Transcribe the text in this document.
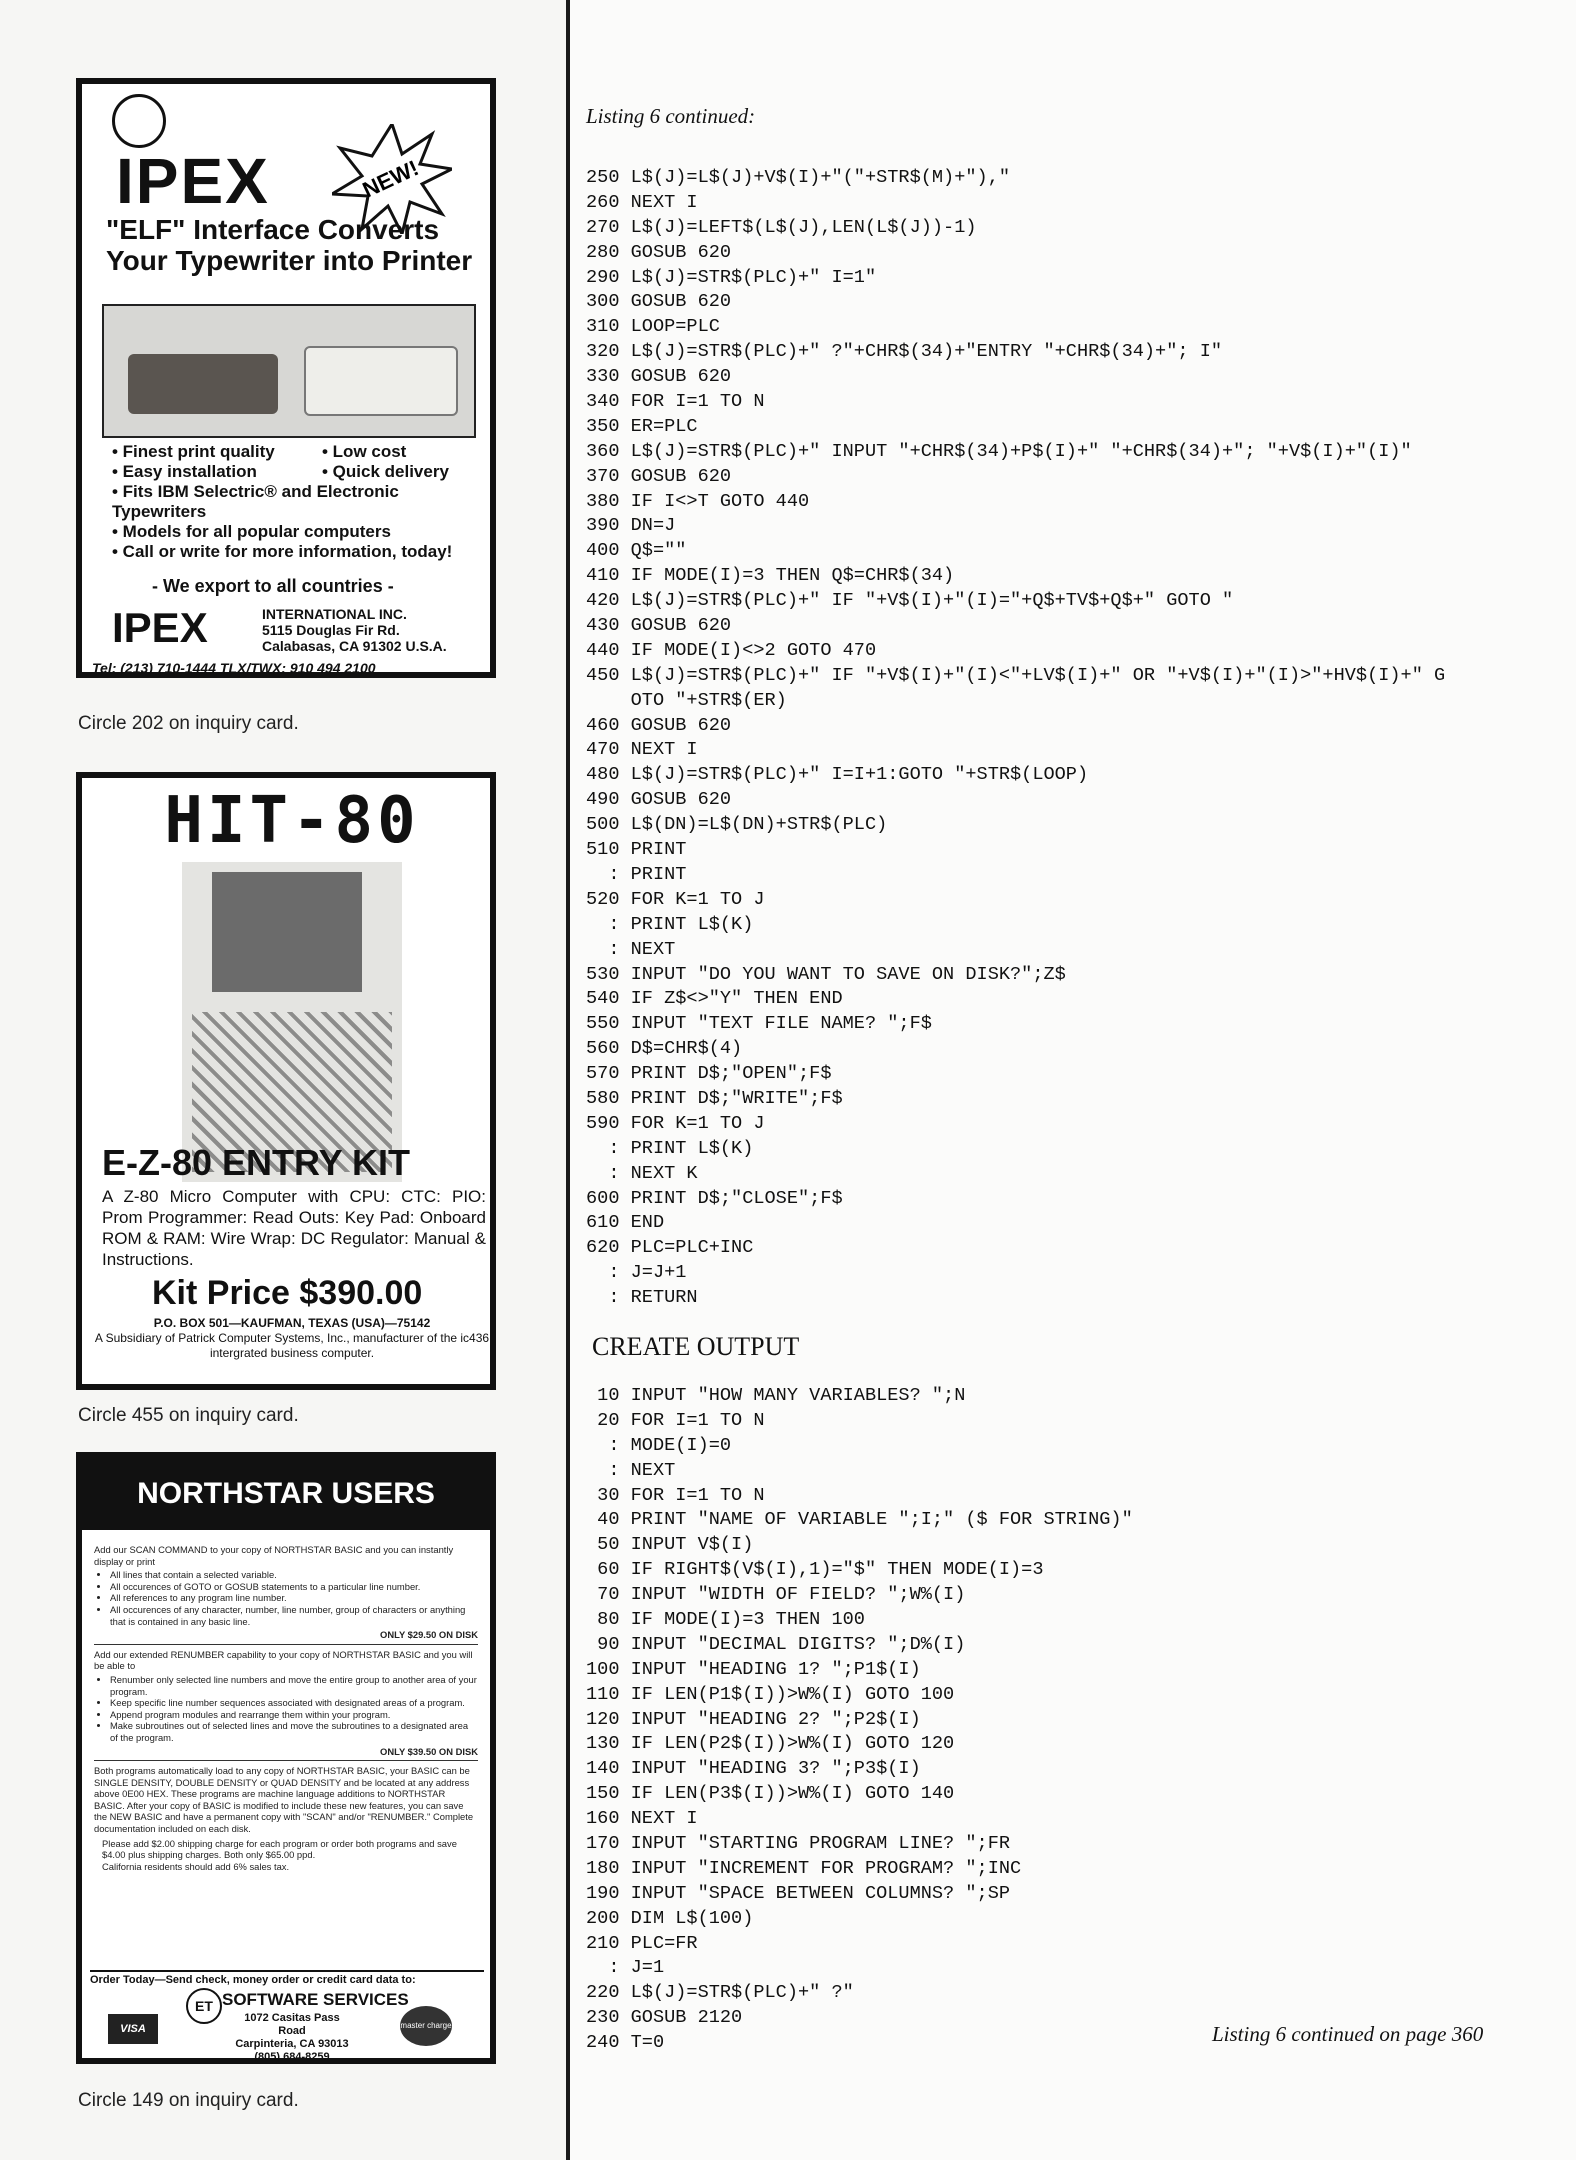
IPEX	NEW!
"ELF" Interface Converts Your Typewriter into Printer
• Finest print quality	• Low cost
• Easy installation	• Quick delivery
• Fits IBM Selectric® and Electronic Typewriters
• Models for all popular computers
• Call or write for more information, today!
- We export to all countries -
IPEX	INTERNATIONAL INC.
5115 Douglas Fir Rd.
Calabasas, CA 91302 U.S.A.
Tel: (213) 710-1444 TLX/TWX: 910 494 2100
Circle 202 on inquiry card.
HIT-80
E-Z-80 ENTRY KIT
A Z-80 Micro Computer with CPU: CTC: PIO: Prom Programmer: Read Outs: Key Pad: Onboard ROM & RAM: Wire Wrap: DC Regulator: Manual & Instructions.
Kit Price $390.00
P.O. BOX 501—KAUFMAN, TEXAS (USA)—75142
A Subsidiary of Patrick Computer Systems, Inc., manufacturer of the ic436 intergrated business computer.
Circle 455 on inquiry card.
NORTHSTAR USERS
Add our SCAN COMMAND to your copy of NORTHSTAR BASIC and you can instantly display or print
• All lines that contain a selected variable.
• All occurences of GOTO or GOSUB statements to a particular line number.
• All references to any program line number.
• All occurences of any character, number, line number, group of characters or anything that is contained in any basic line.
ONLY $29.50 ON DISK
Add our extended RENUMBER capability to your copy of NORTHSTAR BASIC and you will be able to
• Renumber only selected line numbers and move the entire group to another area of your program.
• Keep specific line number sequences associated with designated areas of a program.
• Append program modules and rearrange them within your program.
• Make subroutines out of selected lines and move the subroutines to a designated area of the program.
ONLY $39.50 ON DISK
Both programs automatically load to any copy of NORTHSTAR BASIC, your BASIC can be SINGLE DENSITY, DOUBLE DENSITY or QUAD DENSITY and be located at any address above 0E00 HEX. These programs are machine language additions to NORTHSTAR BASIC. After your copy of BASIC is modified to include these new features, you can save the NEW BASIC and have a permanent copy with "SCAN" and/or "RENUMBER." Complete documentation included on each disk.
Please add $2.00 shipping charge for each program or order both programs and save $4.00 plus shipping charges. Both only $65.00 ppd.
California residents should add 6% sales tax.
Order Today—Send check, money order or credit card data to:
ET SOFTWARE SERVICES
1072 Casitas Pass Road
Carpinteria, CA 93013
(805) 684-8259
VISA	master charge
Circle 149 on inquiry card.
Listing 6 continued:
250 L$(J)=L$(J)+V$(I)+"("+STR$(M)+"),"
260 NEXT I
270 L$(J)=LEFT$(L$(J),LEN(L$(J))-1)
280 GOSUB 620
290 L$(J)=STR$(PLC)+" I=1"
300 GOSUB 620
310 LOOP=PLC
320 L$(J)=STR$(PLC)+" ?"+CHR$(34)+"ENTRY "+CHR$(34)+"; I"
330 GOSUB 620
340 FOR I=1 TO N
350 ER=PLC
360 L$(J)=STR$(PLC)+" INPUT "+CHR$(34)+P$(I)+" "+CHR$(34)+"; "+V$(I)+"(I)"
370 GOSUB 620
380 IF I<>T GOTO 440
390 DN=J
400 Q$=""
410 IF MODE(I)=3 THEN Q$=CHR$(34)
420 L$(J)=STR$(PLC)+" IF "+V$(I)+"(I)="+Q$+TV$+Q$+" GOTO "
430 GOSUB 620
440 IF MODE(I)<>2 GOTO 470
450 L$(J)=STR$(PLC)+" IF "+V$(I)+"(I)<"+LV$(I)+" OR "+V$(I)+"(I)>"+HV$(I)+" G
OTO "+STR$(ER)
460 GOSUB 620
470 NEXT I
480 L$(J)=STR$(PLC)+" I=I+1:GOTO "+STR$(LOOP)
490 GOSUB 620
500 L$(DN)=L$(DN)+STR$(PLC)
510 PRINT
: PRINT
520 FOR K=1 TO J
: PRINT L$(K)
: NEXT
530 INPUT "DO YOU WANT TO SAVE ON DISK?";Z$
540 IF Z$<>"Y" THEN END
550 INPUT "TEXT FILE NAME? ";F$
560 D$=CHR$(4)
570 PRINT D$;"OPEN";F$
580 PRINT D$;"WRITE";F$
590 FOR K=1 TO J
: PRINT L$(K)
: NEXT K
600 PRINT D$;"CLOSE";F$
610 END
620 PLC=PLC+INC
: J=J+1
: RETURN
CREATE OUTPUT
10 INPUT "HOW MANY VARIABLES? ";N
20 FOR I=1 TO N
: MODE(I)=0
: NEXT
30 FOR I=1 TO N
40 PRINT "NAME OF VARIABLE ";I;" ($ FOR STRING)"
50 INPUT V$(I)
60 IF RIGHT$(V$(I),1)="$" THEN MODE(I)=3
70 INPUT "WIDTH OF FIELD? ";W%(I)
80 IF MODE(I)=3 THEN 100
90 INPUT "DECIMAL DIGITS? ";D%(I)
100 INPUT "HEADING 1? ";P1$(I)
110 IF LEN(P1$(I))>W%(I) GOTO 100
120 INPUT "HEADING 2? ";P2$(I)
130 IF LEN(P2$(I))>W%(I) GOTO 120
140 INPUT "HEADING 3? ";P3$(I)
150 IF LEN(P3$(I))>W%(I) GOTO 140
160 NEXT I
170 INPUT "STARTING PROGRAM LINE? ";FR
180 INPUT "INCREMENT FOR PROGRAM? ";INC
190 INPUT "SPACE BETWEEN COLUMNS? ";SP
200 DIM L$(100)
210 PLC=FR
: J=1
220 L$(J)=STR$(PLC)+" ?"
230 GOSUB 2120
240 T=0	Listing 6 continued on page 360
